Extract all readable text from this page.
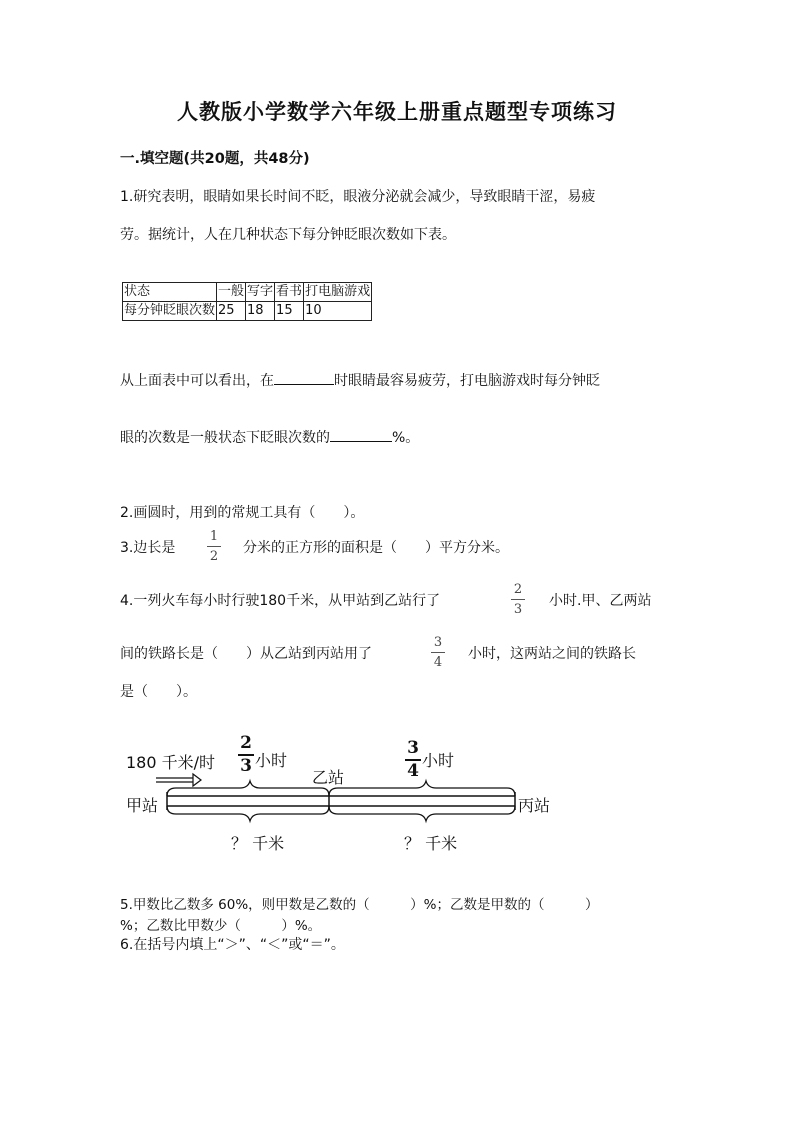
人教版小学数学六年级上册重点题型专项练习
一.填空题(共20题，共48分)
1.研究表明，眼睛如果长时间不眨，眼液分泌就会减少，导致眼睛干涩，易疲
劳。据统计，人在几种状态下每分钟眨眼次数如下表。
状态	一般	写字	看书	打电脑游戏
每分钟眨眼次数	25	18	15	10
从上面表中可以看出，在	时眼睛最容易疲劳，打电脑游戏时每分钟眨
眼的次数是一般状态下眨眼次数的	%。
2.画圆时，用到的常规工具有（　　）。
3.边长是
1
2
分米的正方形的面积是（　　）平方分米。
4.一列火车每小时行驶180千米，从甲站到乙站行了
2
3
小时.甲、乙两站
间的铁路长是（　　）从乙站到丙站用了
3
4
小时，这两站之间的铁路长
是（　　）。
180 千米/时
2
3 小时
3
4
小时
乙站
甲站	丙站
？ 千米	？ 千米
5.甲数比乙数多 60%，则甲数是乙数的（　　　）%；乙数是甲数的（　　　）
%；乙数比甲数少（　　　）%。
6.在括号内填上“＞”、“＜”或“＝”。
